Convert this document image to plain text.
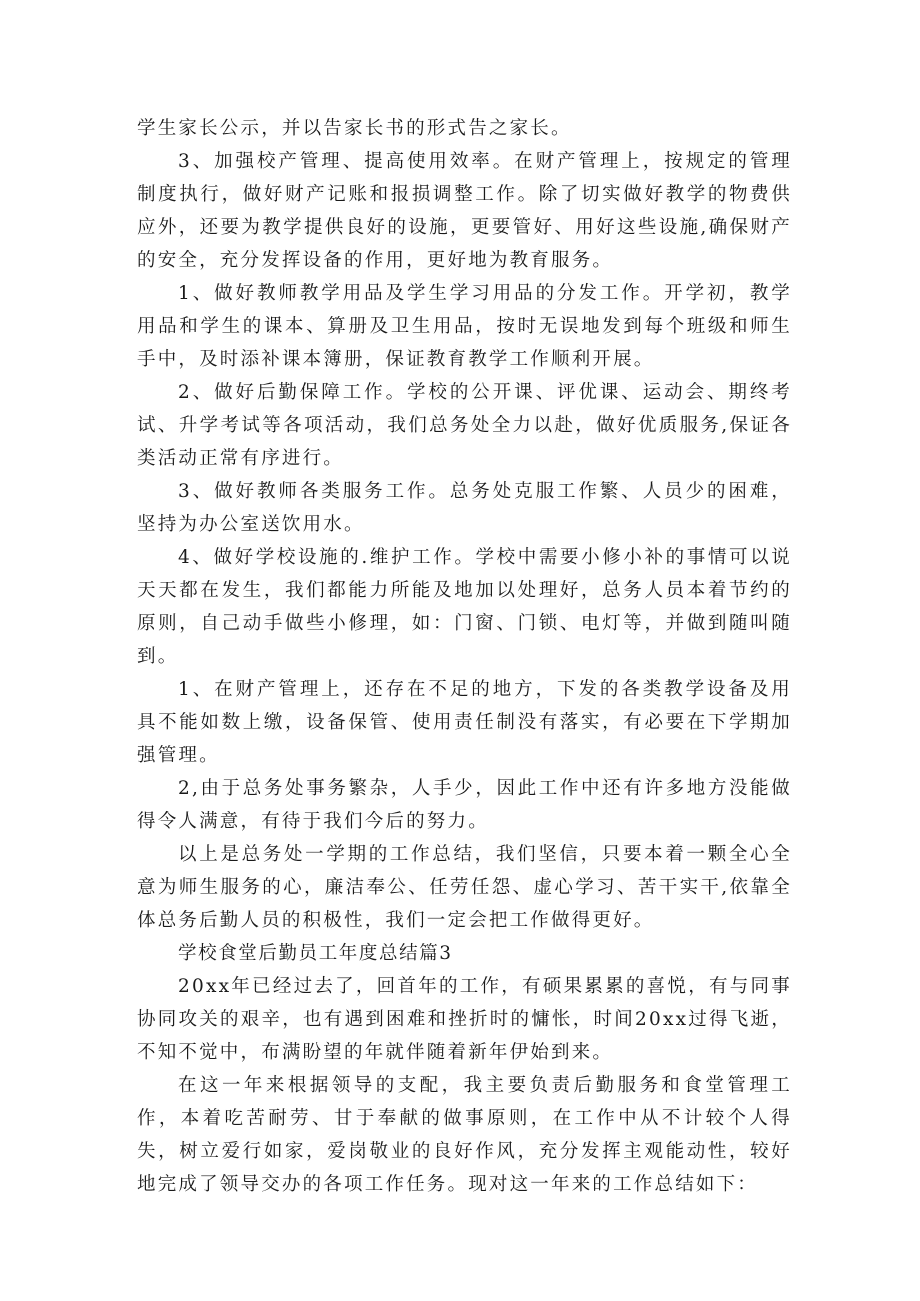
学生家长公示，并以告家长书的形式告之家长。

3、加强校产管理、提高使用效率。在财产管理上，按规定的管理制度执行，做好财产记账和报损调整工作。除了切实做好教学的物费供应外，还要为教学提供良好的设施，更要管好、用好这些设施,确保财产的安全，充分发挥设备的作用，更好地为教育服务。

1、做好教师教学用品及学生学习用品的分发工作。开学初，教学用品和学生的课本、算册及卫生用品，按时无误地发到每个班级和师生手中，及时添补课本簿册，保证教育教学工作顺利开展。

2、做好后勤保障工作。学校的公开课、评优课、运动会、期终考试、升学考试等各项活动，我们总务处全力以赴，做好优质服务,保证各类活动正常有序进行。

3、做好教师各类服务工作。总务处克服工作繁、人员少的困难，坚持为办公室送饮用水。

4、做好学校设施的.维护工作。学校中需要小修小补的事情可以说天天都在发生，我们都能力所能及地加以处理好，总务人员本着节约的原则，自己动手做些小修理，如：门窗、门锁、电灯等，并做到随叫随到。

1、在财产管理上，还存在不足的地方，下发的各类教学设备及用具不能如数上缴，设备保管、使用责任制没有落实，有必要在下学期加强管理。

2,由于总务处事务繁杂，人手少，因此工作中还有许多地方没能做得令人满意，有待于我们今后的努力。

以上是总务处一学期的工作总结，我们坚信，只要本着一颗全心全意为师生服务的心，廉洁奉公、任劳任怨、虚心学习、苦干实干,依靠全体总务后勤人员的积极性，我们一定会把工作做得更好。

学校食堂后勤员工年度总结篇3

20xx年已经过去了，回首年的工作，有硕果累累的喜悦，有与同事协同攻关的艰辛，也有遇到困难和挫折时的慵怅，时间20xx过得飞逝，不知不觉中，布满盼望的年就伴随着新年伊始到来。

在这一年来根据领导的支配，我主要负责后勤服务和食堂管理工作，本着吃苦耐劳、甘于奉献的做事原则，在工作中从不计较个人得失，树立爱行如家，爱岗敬业的良好作风，充分发挥主观能动性，较好地完成了领导交办的各项工作任务。现对这一年来的工作总结如下：
